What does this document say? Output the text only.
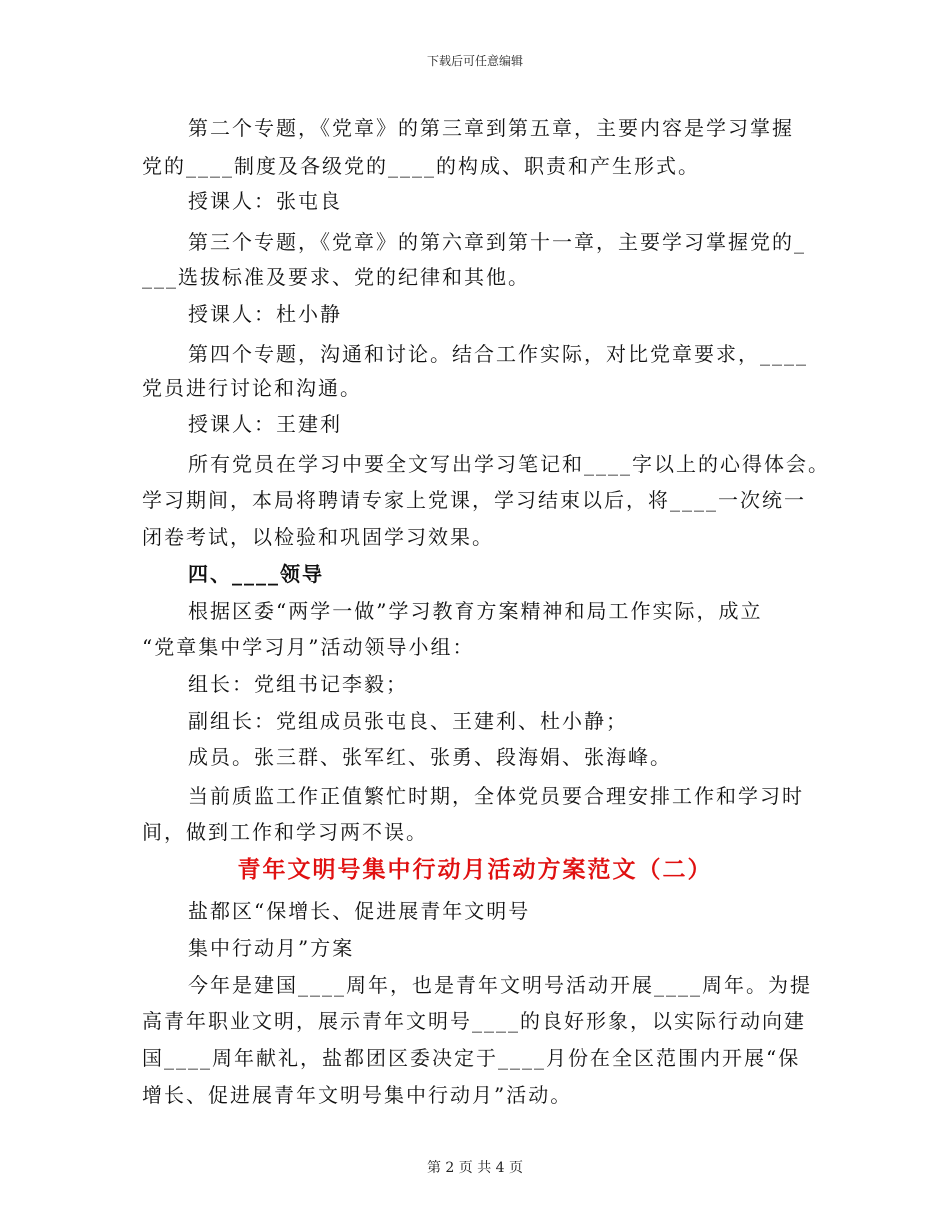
下载后可任意编辑
第二个专题，《党章》的第三章到第五章，主要内容是学习掌握
党的____制度及各级党的____的构成、职责和产生形式。
授课人：张屯良
第三个专题，《党章》的第六章到第十一章，主要学习掌握党的_
___选拔标准及要求、党的纪律和其他。
授课人：杜小静
第四个专题，沟通和讨论。结合工作实际，对比党章要求，____
党员进行讨论和沟通。
授课人：王建利
所有党员在学习中要全文写出学习笔记和____字以上的心得体会。
学习期间，本局将聘请专家上党课，学习结束以后，将____一次统一
闭卷考试，以检验和巩固学习效果。
四、____领导
根据区委“两学一做”学习教育方案精神和局工作实际，成立
“党章集中学习月”活动领导小组：
组长：党组书记李毅；
副组长：党组成员张屯良、王建利、杜小静；
成员。张三群、张军红、张勇、段海娟、张海峰。
当前质监工作正值繁忙时期，全体党员要合理安排工作和学习时
间，做到工作和学习两不误。
青年文明号集中行动月活动方案范文（二）
盐都区“保增长、促进展青年文明号
集中行动月”方案
今年是建国____周年，也是青年文明号活动开展____周年。为提
高青年职业文明，展示青年文明号____的良好形象，以实际行动向建
国____周年献礼，盐都团区委决定于____月份在全区范围内开展“保
增长、促进展青年文明号集中行动月”活动。
第 2 页 共 4 页
